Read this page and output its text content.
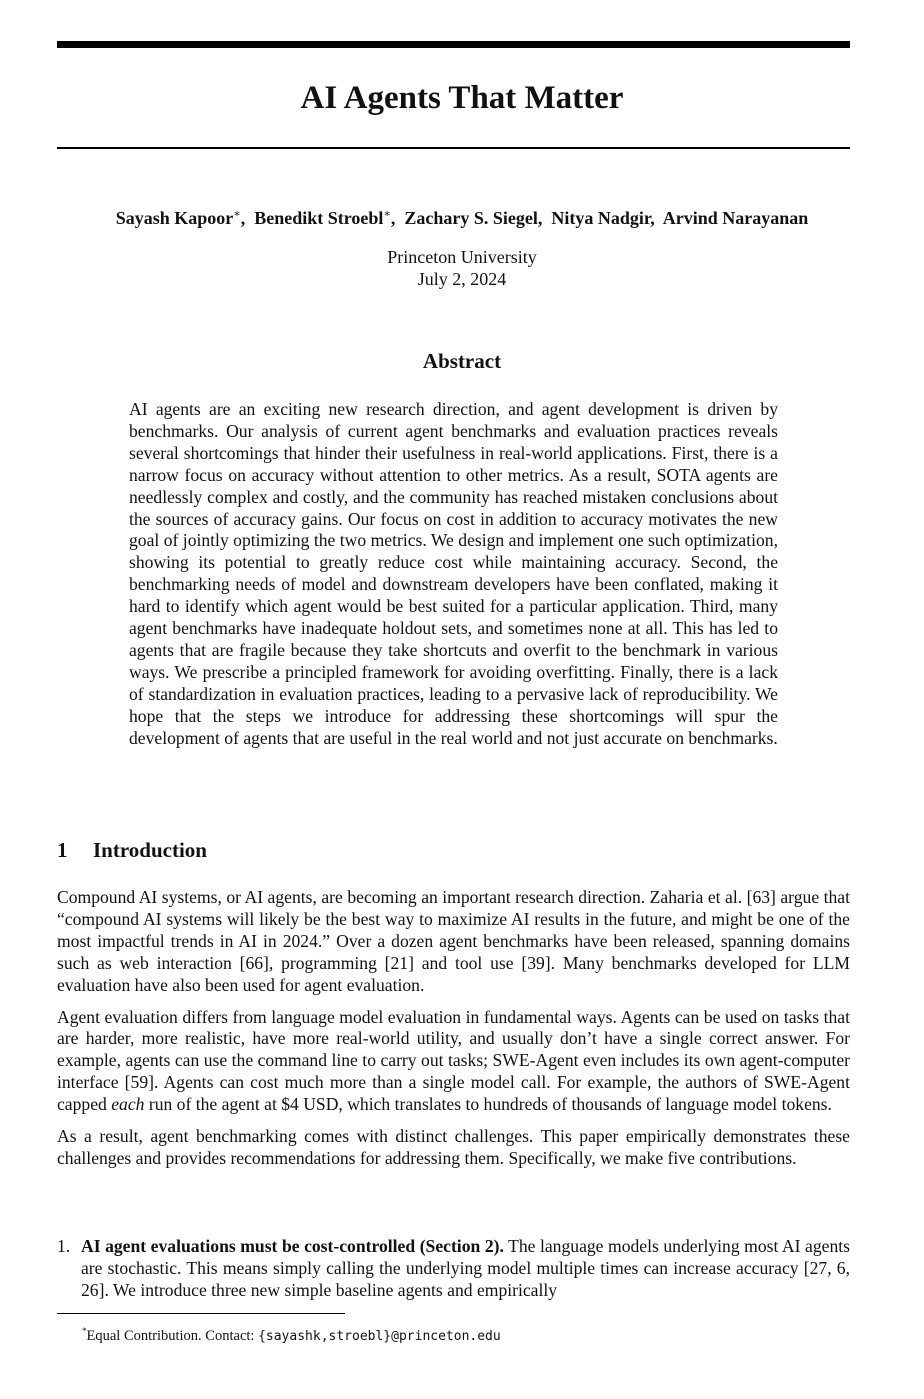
AI Agents That Matter
Sayash Kapoor∗,  Benedikt Stroebl∗,  Zachary S. Siegel,  Nitya Nadgir,  Arvind Narayanan
Princeton University
July 2, 2024
Abstract

AI agents are an exciting new research direction, and agent development is driven by benchmarks. Our analysis of current agent benchmarks and evaluation practices reveals several shortcomings that hinder their usefulness in real-world applications. First, there is a narrow focus on accuracy without attention to other metrics. As a result, SOTA agents are needlessly complex and costly, and the community has reached mistaken conclusions about the sources of accuracy gains. Our focus on cost in addition to accuracy motivates the new goal of jointly optimizing the two metrics. We design and implement one such optimization, showing its potential to greatly reduce cost while maintaining accuracy. Second, the benchmarking needs of model and downstream developers have been conflated, making it hard to identify which agent would be best suited for a particular application. Third, many agent benchmarks have inadequate holdout sets, and sometimes none at all. This has led to agents that are fragile because they take shortcuts and overfit to the benchmark in various ways. We prescribe a principled framework for avoiding overfitting. Finally, there is a lack of standardization in evaluation practices, leading to a pervasive lack of reproducibility. We hope that the steps we introduce for addressing these shortcomings will spur the development of agents that are useful in the real world and not just accurate on benchmarks.

1 Introduction

Compound AI systems, or AI agents, are becoming an important research direction. Zaharia et al. [63] argue that “compound AI systems will likely be the best way to maximize AI results in the future, and might be one of the most impactful trends in AI in 2024.” Over a dozen agent benchmarks have been released, spanning domains such as web interaction [66], programming [21] and tool use [39]. Many benchmarks developed for LLM evaluation have also been used for agent evaluation.

Agent evaluation differs from language model evaluation in fundamental ways. Agents can be used on tasks that are harder, more realistic, have more real-world utility, and usually don’t have a single correct answer. For example, agents can use the command line to carry out tasks; SWE-Agent even includes its own agent-computer interface [59]. Agents can cost much more than a single model call. For example, the authors of SWE-Agent capped each run of the agent at $4 USD, which translates to hundreds of thousands of language model tokens.

As a result, agent benchmarking comes with distinct challenges. This paper empirically demonstrates these challenges and provides recommendations for addressing them. Specifically, we make five contributions.

1. AI agent evaluations must be cost-controlled (Section 2). The language models underlying most AI agents are stochastic. This means simply calling the underlying model multiple times can increase accuracy [27, 6, 26]. We introduce three new simple baseline agents and empirically
*Equal Contribution. Contact: {sayashk,stroebl}@princeton.edu
